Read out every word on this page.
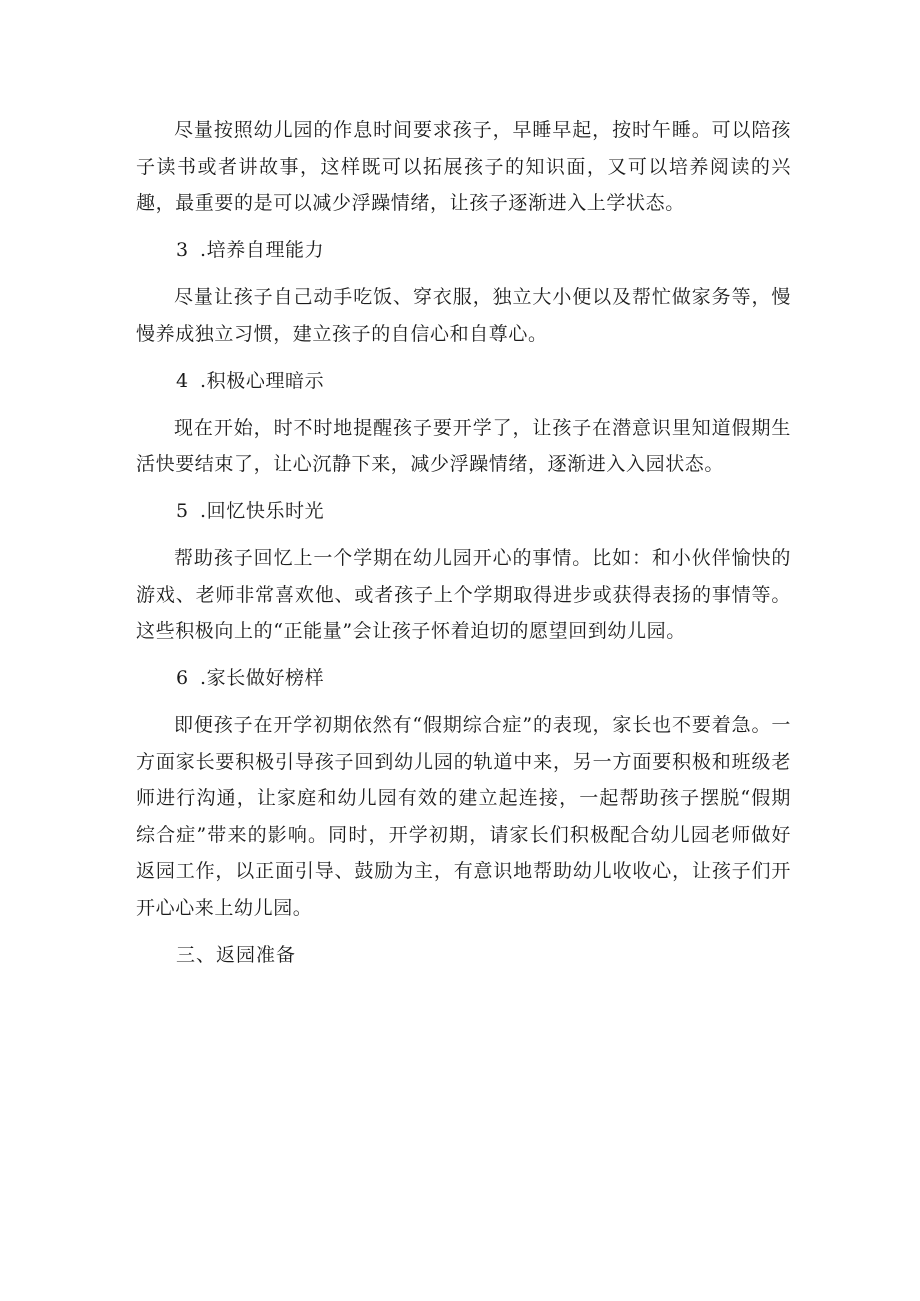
尽量按照幼儿园的作息时间要求孩子，早睡早起，按时午睡。可以陪孩子读书或者讲故事，这样既可以拓展孩子的知识面，又可以培养阅读的兴趣，最重要的是可以减少浮躁情绪，让孩子逐渐进入上学状态。

3 .培养自理能力

尽量让孩子自己动手吃饭、穿衣服，独立大小便以及帮忙做家务等，慢慢养成独立习惯，建立孩子的自信心和自尊心。

4 .积极心理暗示

现在开始，时不时地提醒孩子要开学了，让孩子在潜意识里知道假期生活快要结束了，让心沉静下来，减少浮躁情绪，逐渐进入入园状态。

5 .回忆快乐时光

帮助孩子回忆上一个学期在幼儿园开心的事情。比如：和小伙伴愉快的游戏、老师非常喜欢他、或者孩子上个学期取得进步或获得表扬的事情等。这些积极向上的“正能量”会让孩子怀着迫切的愿望回到幼儿园。

6 .家长做好榜样

即便孩子在开学初期依然有“假期综合症”的表现，家长也不要着急。一方面家长要积极引导孩子回到幼儿园的轨道中来，另一方面要积极和班级老师进行沟通，让家庭和幼儿园有效的建立起连接，一起帮助孩子摆脱“假期综合症”带来的影响。同时，开学初期，请家长们积极配合幼儿园老师做好返园工作，以正面引导、鼓励为主，有意识地帮助幼儿收收心，让孩子们开开心心来上幼儿园。

三、返园准备
